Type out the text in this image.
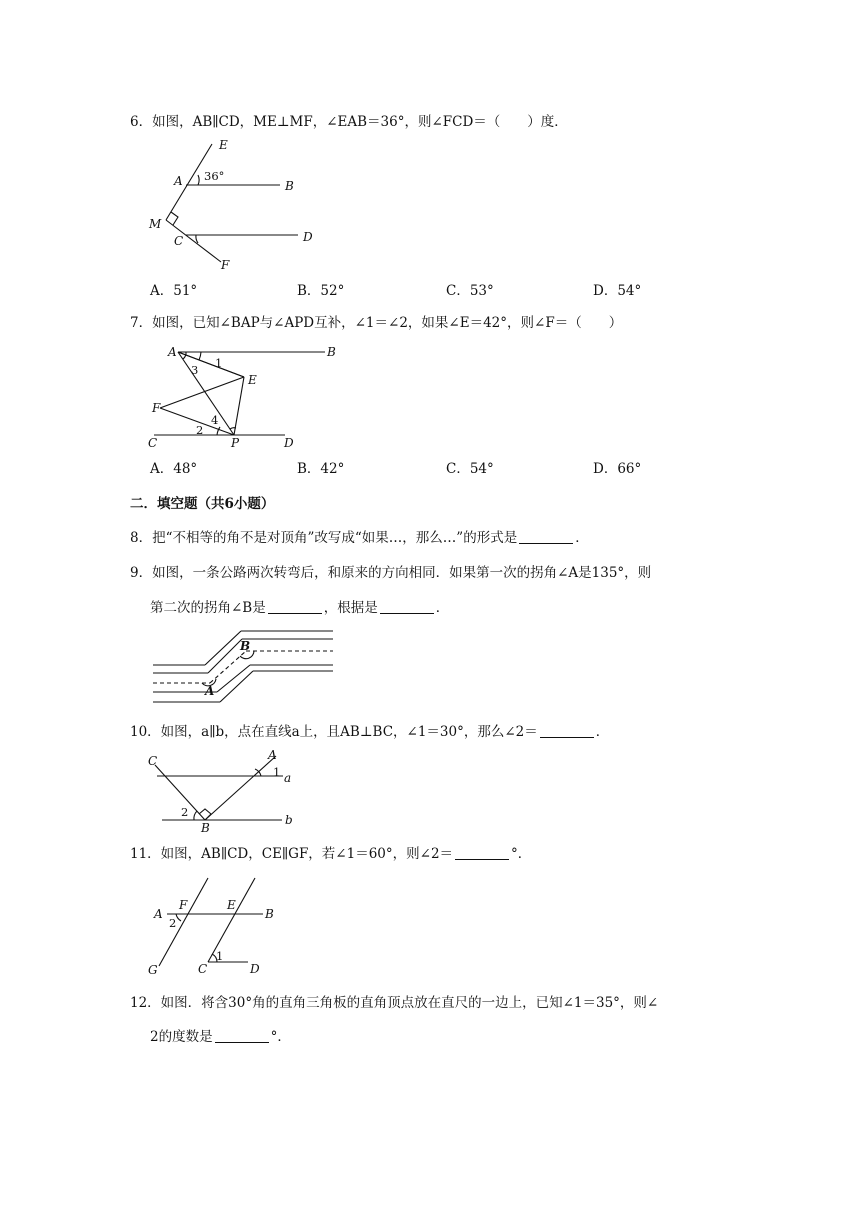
6．如图，AB∥CD，ME⊥MF，∠EAB＝36°，则∠FCD＝（　　）度．
E
A 36°
B
M
C	D
F
A．51°	B．52°	C．53°	D．54°
7．如图，已知∠BAP与∠APD互补，∠1＝∠2，如果∠E＝42°，则∠F＝（　　）
A	B
1
3
E
F
4
2
C	P	D
A．48°	B．42°	C．54°	D．66°
二．填空题（共6小题）
8．把“不相等的角不是对顶角”改写成“如果…，那么…”的形式是	．
9．如图，一条公路两次转弯后，和原来的方向相同．如果第一次的拐角∠A是135°，则
第二次的拐角∠B是	，根据是	．
B
A
10．如图，a∥b，点在直线a上，且AB⊥BC，∠1＝30°，那么∠2＝	．
C	A
1 a
2
B
b
11．如图，AB∥CD，CE∥GF，若∠1＝60°，则∠2＝	°．
F	E
A
2
B
1
G	C	D
12．如图．将含30°角的直角三角板的直角顶点放在直尺的一边上，已知∠1＝35°，则∠
2的度数是	°．
